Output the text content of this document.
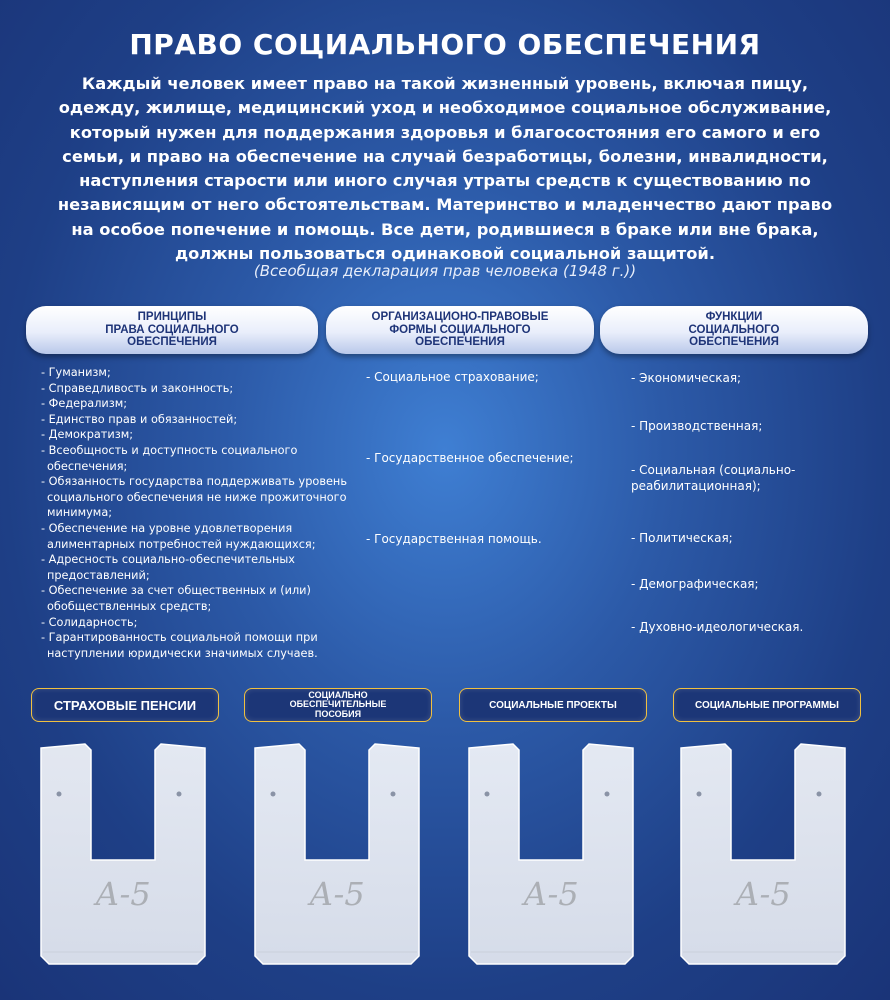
ПРАВО СОЦИАЛЬНОГО ОБЕСПЕЧЕНИЯ
Каждый человек имеет право на такой жизненный уровень, включая пищу,
одежду, жилище, медицинский уход и необходимое социальное обслуживание,
который нужен для поддержания здоровья и благосостояния его самого и его
семьи, и право на обеспечение на случай безработицы, болезни, инвалидности,
наступления старости или иного случая утраты средств к существованию по
независящим от него обстоятельствам. Материнство и младенчество дают право
на особое попечение и помощь. Все дети, родившиеся в браке или вне брака,
должны пользоваться одинаковой социальной защитой.
(Всеобщая декларация прав человека (1948 г.))
ПРИНЦИПЫ
ПРАВА СОЦИАЛЬНОГО
ОБЕСПЕЧЕНИЯ
ОРГАНИЗАЦИОНО-ПРАВОВЫЕ
ФОРМЫ СОЦИАЛЬНОГО
ОБЕСПЕЧЕНИЯ
ФУНКЦИИ
СОЦИАЛЬНОГО
ОБЕСПЕЧЕНИЯ
- Гуманизм;
- Справедливость и законность;
- Федерализм;
- Единство прав и обязанностей;
- Демократизм;
- Всеобщность и доступность социального обеспечения;
- Обязанность государства поддерживать уровень социального обеспечения не ниже прожиточного минимума;
- Обеспечение на уровне удовлетворения алиментарных потребностей нуждающихся;
- Адресность социально-обеспечительных предоставлений;
- Обеспечение за счет общественных и (или) обобществленных средств;
- Солидарность;
- Гарантированность социальной помощи при наступлении юридически значимых случаев.
- Социальное страхование;
- Государственное обеспечение;
- Государственная помощь.
- Экономическая;
- Производственная;
- Социальная (социально-реабилитационная);
- Политическая;
- Демографическая;
- Духовно-идеологическая.
СТРАХОВЫЕ ПЕНСИИ
СОЦИАЛЬНО
ОБЕСПЕЧИТЕЛЬНЫЕ
ПОСОБИЯ
СОЦИАЛЬНЫЕ ПРОЕКТЫ	СОЦИАЛЬНЫЕ ПРОГРАММЫ
А-5	А-5	А-5	А-5
